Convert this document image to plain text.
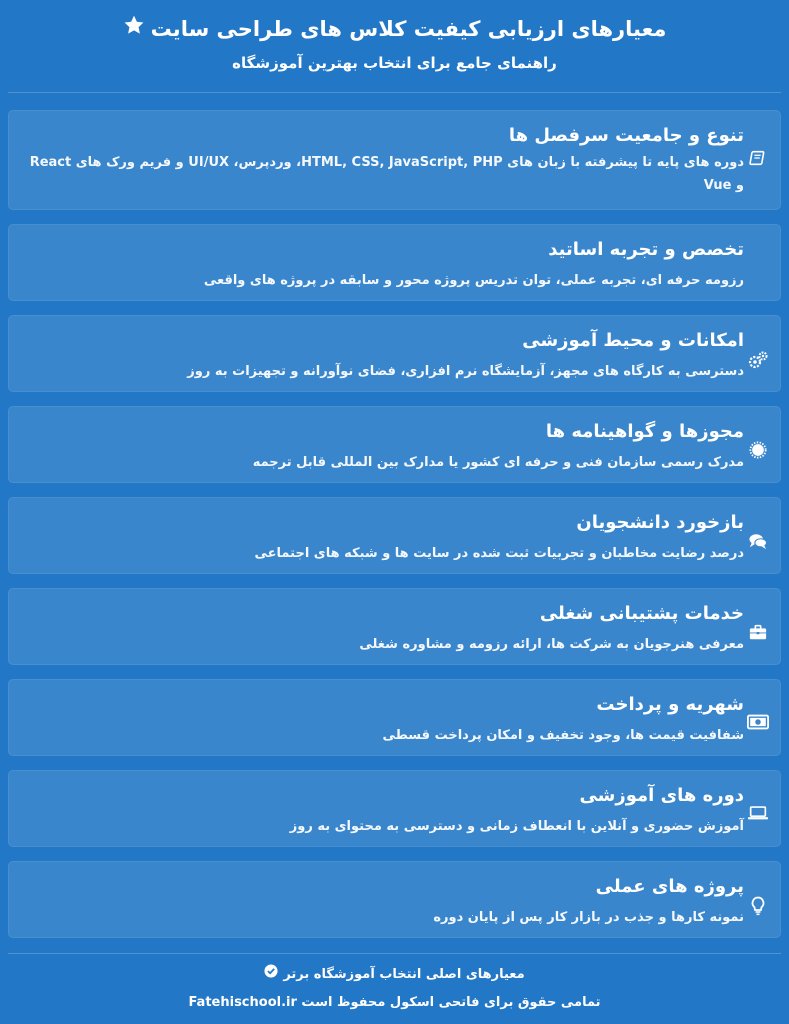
معیارهای ارزیابی کیفیت کلاس های طراحی سایت
راهنمای جامع برای انتخاب بهترین آموزشگاه
تنوع و جامعیت سرفصل ها
دوره های پایه تا پیشرفته با زبان های HTML, CSS, JavaScript, PHP، وردپرس، UI/UX و فریم ورک های React و Vue
تخصص و تجربه اساتید
رزومه حرفه ای، تجربه عملی، توان تدریس پروژه محور و سابقه در پروژه های واقعی
امکانات و محیط آموزشی
دسترسی به کارگاه های مجهز، آزمایشگاه نرم افزاری، فضای نوآورانه و تجهیزات به روز
مجوزها و گواهینامه ها
مدرک رسمی سازمان فنی و حرفه ای کشور یا مدارک بین المللی قابل ترجمه
بازخورد دانشجویان
درصد رضایت مخاطبان و تجربیات ثبت شده در سایت ها و شبکه های اجتماعی
خدمات پشتیبانی شغلی
معرفی هنرجویان به شرکت ها، ارائه رزومه و مشاوره شغلی
شهریه و پرداخت
شفافیت قیمت ها، وجود تخفیف و امکان پرداخت قسطی
دوره های آموزشی
آموزش حضوری و آنلاین با انعطاف زمانی و دسترسی به محتوای به روز
پروژه های عملی
نمونه کارها و جذب در بازار کار پس از پایان دوره
معیارهای اصلی انتخاب آموزشگاه برتر
تمامی حقوق برای فاتحی اسکول محفوظ است Fatehischool.ir
